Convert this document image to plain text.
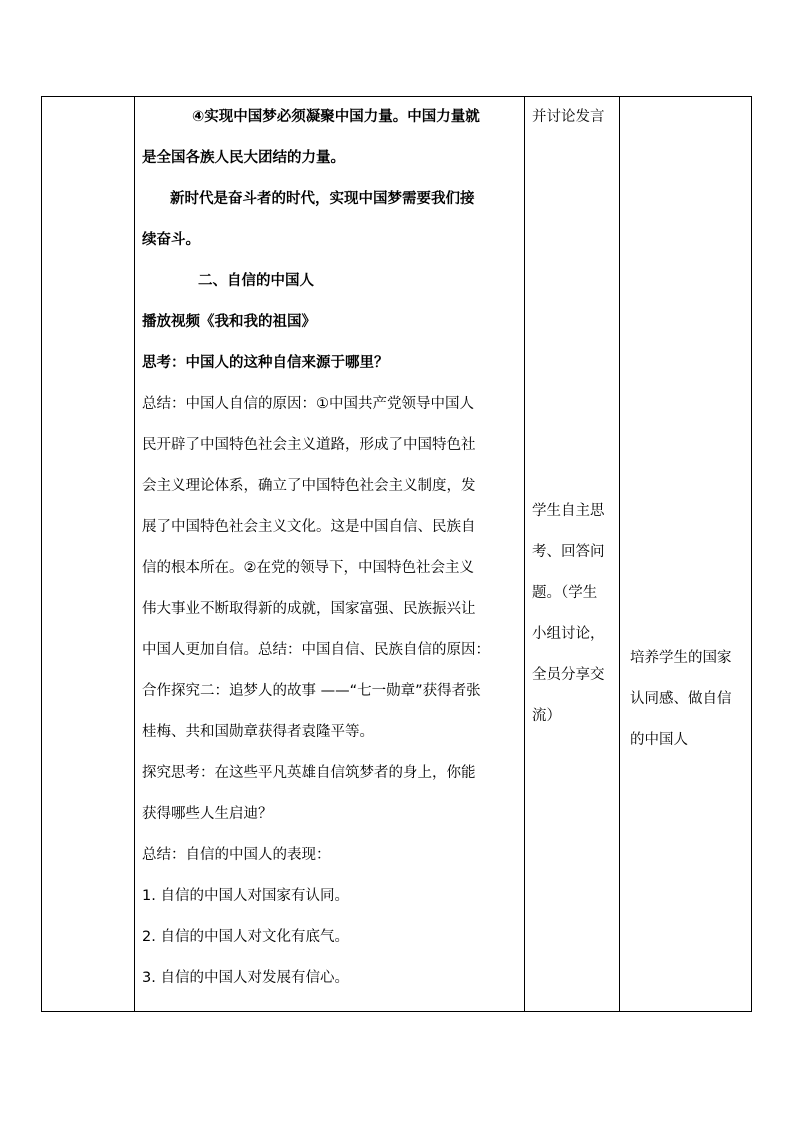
④实现中国梦必须凝聚中国力量。中国力量就
是全国各族人民大团结的力量。
新时代是奋斗者的时代，实现中国梦需要我们接
续奋斗。
二、自信的中国人
播放视频《我和我的祖国》
思考：中国人的这种自信来源于哪里？
总结：中国人自信的原因：①中国共产党领导中国人
民开辟了中国特色社会主义道路，形成了中国特色社
会主义理论体系，确立了中国特色社会主义制度，发
展了中国特色社会主义文化。这是中国自信、民族自
信的根本所在。②在党的领导下，中国特色社会主义
伟大事业不断取得新的成就，国家富强、民族振兴让
中国人更加自信。总结：中国自信、民族自信的原因：
合作探究二：追梦人的故事 ——“七一勋章”获得者张
桂梅、共和国勋章获得者袁隆平等。
探究思考：在这些平凡英雄自信筑梦者的身上，你能
获得哪些人生启迪？
总结：自信的中国人的表现：
1. 自信的中国人对国家有认同。
2. 自信的中国人对文化有底气。
3. 自信的中国人对发展有信心。
并讨论发言
学生自主思
考、回答问
题。（学生
小组讨论，
全员分享交
流）
培养学生的国家
认同感、做自信
的中国人
